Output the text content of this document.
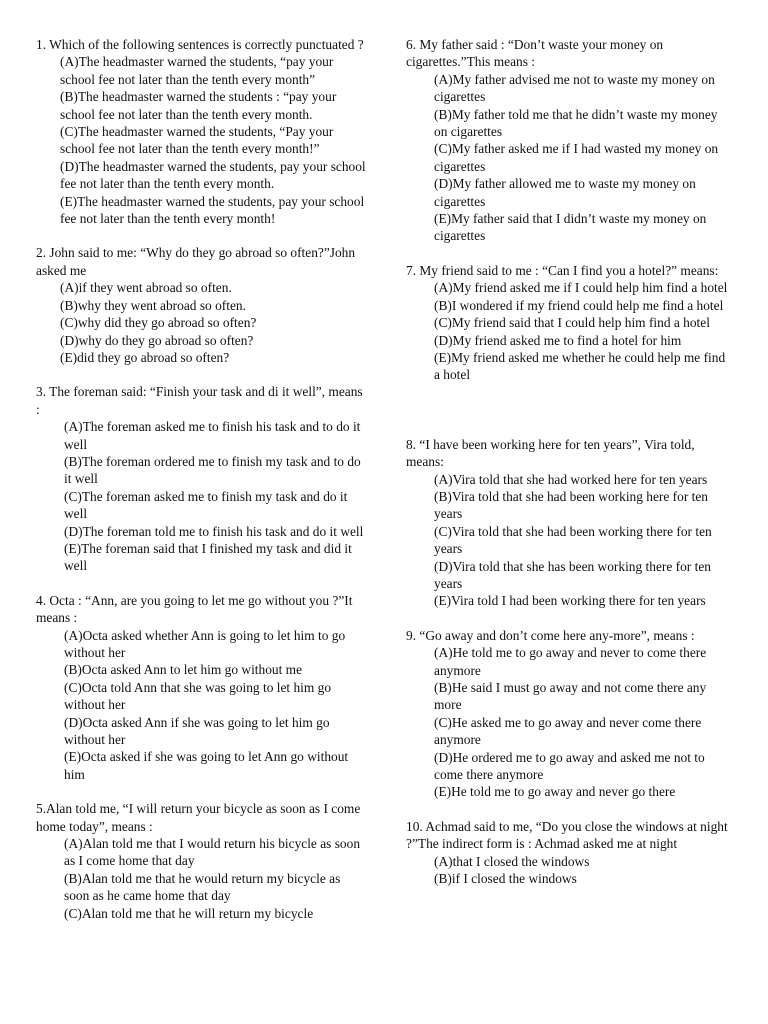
1. Which of the following sentences is correctly punctuated ?

(A)The headmaster warned the students, “pay your school fee not later than the tenth every month”

(B)The headmaster warned the students : “pay your school fee not later than the tenth every month.

(C)The headmaster warned the students, “Pay your school fee not later than the tenth every month!”

(D)The headmaster warned the students, pay your school fee not later than the tenth every month.

(E)The headmaster warned the students, pay your school fee not later than the tenth every month!

2. John said to me: “Why do they go abroad so often?”John asked me

(A)if they went abroad so often.

(B)why they went abroad so often.

(C)why did they go abroad so often?

(D)why do they go abroad so often?

(E)did they go abroad so often?

3. The foreman said: “Finish your task and di it well”, means :

(A)The foreman asked me to finish his task and to do it well

(B)The foreman ordered me to finish my task and to do it well

(C)The foreman asked me to finish my task and do it well

(D)The foreman told me to finish his task and do it well

(E)The foreman said that I finished my task and did it well

4. Octa : “Ann, are you going to let me go without you ?”It means :

(A)Octa asked whether Ann is going to let him to go without her

(B)Octa asked Ann to let him go without me

(C)Octa told Ann that she was going to let him go without her

(D)Octa asked Ann if she was going to let him go without her

(E)Octa asked if she was going to let Ann go without him

5.Alan told me, “I will return your bicycle as soon as I come home today”, means :

(A)Alan told me that I would return his bicycle as soon as I come home that day

(B)Alan told me that he would return my bicycle as soon as he came home that day

(C)Alan told me that he will return my bicycle

6. My father said : “Don’t waste your money on cigarettes.”This means :

(A)My father advised me not to waste my money on cigarettes

(B)My father told me that he didn’t waste my money on cigarettes

(C)My father asked me if I had wasted my money on cigarettes

(D)My father allowed me to waste my money on cigarettes

(E)My father said that I didn’t waste my money on cigarettes

7. My friend said to me : “Can I find you a hotel?” means:

(A)My friend asked me if I could help him find a hotel

(B)I wondered if my friend could help me find a hotel

(C)My friend said that I could help him find a hotel

(D)My friend asked me to find a hotel for him

(E)My friend asked me whether he could help me find a hotel

8. “I have been working here for ten years”, Vira told, means:

(A)Vira told that she had worked here for ten years

(B)Vira told that she had been working here for ten years

(C)Vira told that she had been working there for ten years

(D)Vira told that she has been working there for ten years

(E)Vira told I had been working there for ten years

9. “Go away and don’t come here any-more”, means :

(A)He told me to go away and never to come there anymore

(B)He said I must go away and not come there any more

(C)He asked me to go away and never come there anymore

(D)He ordered me to go away and asked me not to come there anymore

(E)He told me to go away and never go there

10. Achmad said to me, “Do you close the windows at night ?”The indirect form is : Achmad asked me at night

(A)that I closed the windows

(B)if I closed the windows
